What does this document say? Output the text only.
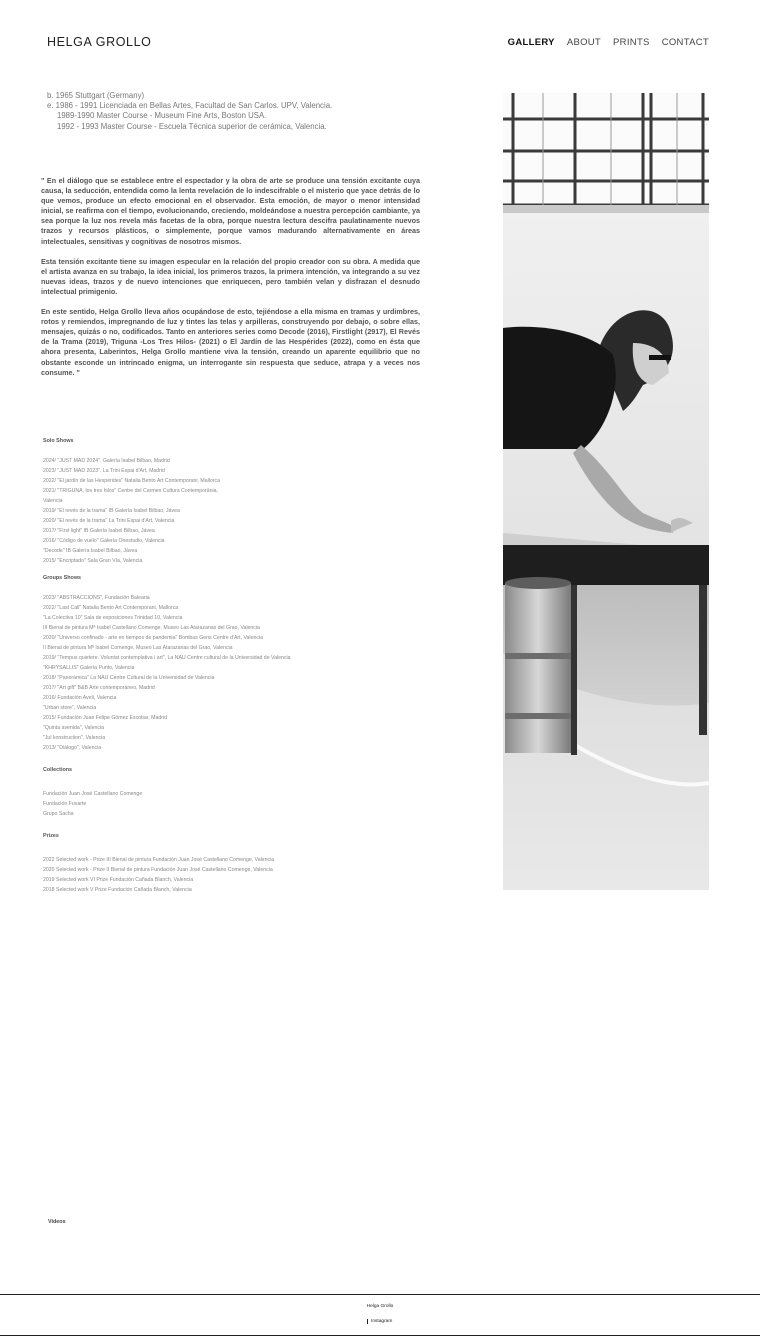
HELGA GROLLO	GALLERY ABOUT PRINTS CONTACT
b. 1965 Stuttgart (Germany)
e. 1986 - 1991 Licenciada en Bellas Artes, Facultad de San Carlos. UPV, Valencia.
1989-1990 Master Course - Museum Fine Arts, Boston USA.
1992 - 1993 Master Course - Escuela Técnica superior de cerámica, Valencia.

" En el diálogo que se establece entre el espectador y la obra de arte se produce una tensión excitante cuya causa, la seducción, entendida como la lenta revelación de lo indescifrable o el misterio que yace detrás de lo que vemos, produce un efecto emocional en el observador. Esta emoción, de mayor o menor intensidad inicial, se reafirma con el tiempo, evolucionando, creciendo, moldeándose a nuestra percepción cambiante, ya sea porque la luz nos revela más facetas de la obra, porque nuestra lectura descifra paulatinamente nuevos trazos y recursos plásticos, o simplemente, porque vamos madurando alternativamente en áreas intelectuales, sensitivas y cognitivas de nosotros mismos.

Esta tensión excitante tiene su imagen especular en la relación del propio creador con su obra. A medida que el artista avanza en su trabajo, la idea inicial, los primeros trazos, la primera intención, va integrando a su vez nuevas ideas, trazos y de nuevo intenciones que enriquecen, pero también velan y disfrazan el desnudo intelectual primigenio.

En este sentido, Helga Grollo lleva años ocupándose de esto, tejiéndose a ella misma en tramas y urdimbres, rotos y remiendos, impregnando de luz y tintes las telas y arpilleras, construyendo por debajo, o sobre ellas, mensajes, quizás o no, codificados. Tanto en anteriores series como Decode (2016), Firstlight (2917), El Revés de la Trama (2019), Triguna -Los Tres Hilos- (2021) o El Jardín de las Hespérides (2022), como en ésta que ahora presenta, Laberintos, Helga Grollo mantiene viva la tensión, creando un aparente equilibrio que no obstante esconde un intrincado enigma, un interrogante sin respuesta que seduce, atrapa y a veces nos consume. "

Solo Shows
2024/ "JUST MAD 2024". Galería Isabel Bilbao, Madrid
2023/ "JUST MAD 2023". La Trini Espai d'Art, Madrid
2022/ "El jardín de las Hespérides" Natalia Bento Art Contemporani, Mallorca
2021/ "TRIGUNA, los tres hilos" Centre del Carmen Cultura Contemporània,
Valencia
2019/ "El revés de la trama" IB Galería Isabel Bilbao, Jávea
2020/ "El revés de la trama" La Trini Espai d'Art, Valencia
2017/ "First light" IB Galería Isabel Bilbao, Jávea
2016/ "Código de vuelo" Galería Onestudio, Valencia
"Decode" IB Galería Isabel Bilbao, Jávea
2015/ "Encriptado" Sala Gran Vía, Valencia
Groups Shows
2023/ "ABSTRACCIONS", Fundación Balearia
2022/ "Last Call" Natalia Bento Art Contemporani, Mallorca
"La Colectiva 10" Sala de exposiciones Trinidad 10, Valencia
III Bienal de pintura Mª Isabel Castellano Comenge, Museo Las Atarazanas del Grao, Valencia
2020/ "Universo confinado - arte en tiempos de pandemia" Bombas Gens Centre d'Art, Valencia
II Bienal de pintura Mª Isabel Comenge, Museo Las Atarazanas del Grao, Valencia
2019/ "Tempus quietere. Voluntat contemplativa i art", La NAU Centre cultural de la Universidad de Valencia
"KHRYSALLIS" Galería Punto, Valencia
2018/ "Panorámica" La NAU Centre Cultural de la Universidad de Valencia
2017/ "Art gift" B&B Arte contemporáneo, Madrid
2016/ Fundación Aveli, Valencia
"Urban store", Valencia
2015/ Fundación Juan Felipe Gómez Escobar, Madrid
"Quinta avenida", Valencia
"Jul konstruction", Valencia
2013/ "Diálogo", Valencia
Collections
Fundación Juan José Castellano Comenge
Fundación Fuvarte
Grupo Sacha
Prizes
2022 Selected work - Prize III Bienal de pintura Fundación Juan José Castellano Comenge, Valencia
2020 Selected work - Prize II Bienal de pintura Fundación Juan José Castellano Comenge, Valencia
2019 Selected work VI Prize Fundación Cañada Blanch, Valencia
2018 Selected work V Prize Fundación Cañada Blanch, Valencia
Videos
Helga Grollo
Instagram
